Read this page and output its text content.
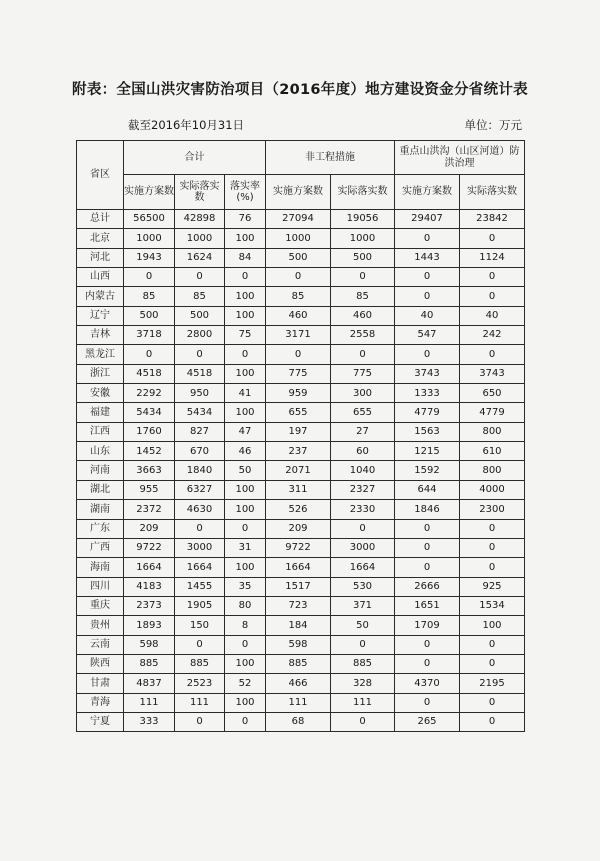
附表：全国山洪灾害防治项目（2016年度）地方建设资金分省统计表
截至2016年10月31日	单位：万元
省区	合计			非工程措施		重点山洪沟（山区河道）防洪治理	
	实施方案数	实际落实数	落实率(%)	实施方案数	实际落实数	实施方案数	实际落实数
总计	56500	42898	76	27094	19056	29407	23842
北京	1000	1000	100	1000	1000	0	0
河北	1943	1624	84	500	500	1443	1124
山西	0	0	0	0	0	0	0
内蒙古	85	85	100	85	85	0	0
辽宁	500	500	100	460	460	40	40
吉林	3718	2800	75	3171	2558	547	242
黑龙江	0	0	0	0	0	0	0
浙江	4518	4518	100	775	775	3743	3743
安徽	2292	950	41	959	300	1333	650
福建	5434	5434	100	655	655	4779	4779
江西	1760	827	47	197	27	1563	800
山东	1452	670	46	237	60	1215	610
河南	3663	1840	50	2071	1040	1592	800
湖北	955	6327	100	311	2327	644	4000
湖南	2372	4630	100	526	2330	1846	2300
广东	209	0	0	209	0	0	0
广西	9722	3000	31	9722	3000	0	0
海南	1664	1664	100	1664	1664	0	0
四川	4183	1455	35	1517	530	2666	925
重庆	2373	1905	80	723	371	1651	1534
贵州	1893	150	8	184	50	1709	100
云南	598	0	0	598	0	0	0
陕西	885	885	100	885	885	0	0
甘肃	4837	2523	52	466	328	4370	2195
青海	111	111	100	111	111	0	0
宁夏	333	0	0	68	0	265	0
